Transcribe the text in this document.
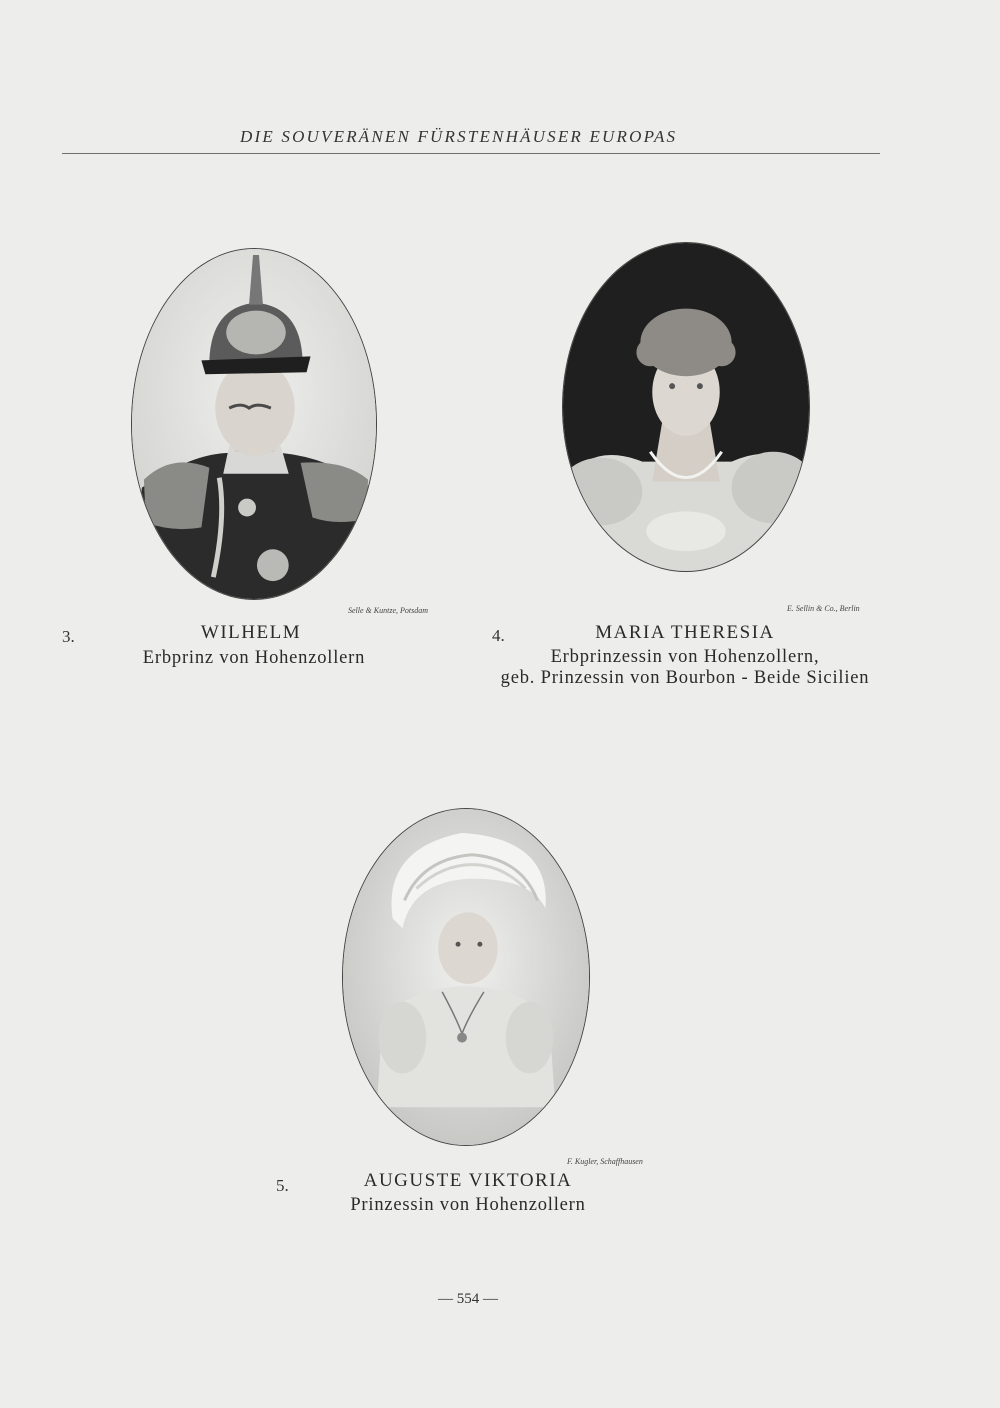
DIE SOUVERÄNEN FÜRSTENHÄUSER EUROPAS
Selle & Kuntze, Potsdam
3.	WILHELM
Erbprinz von Hohenzollern
E. Sellin & Co., Berlin
4.	MARIA THERESIA
Erbprinzessin von Hohenzollern,
geb. Prinzessin von Bourbon - Beide Sicilien
F. Kugler, Schaffhausen
5.	AUGUSTE VIKTORIA
Prinzessin von Hohenzollern
— 554 —
